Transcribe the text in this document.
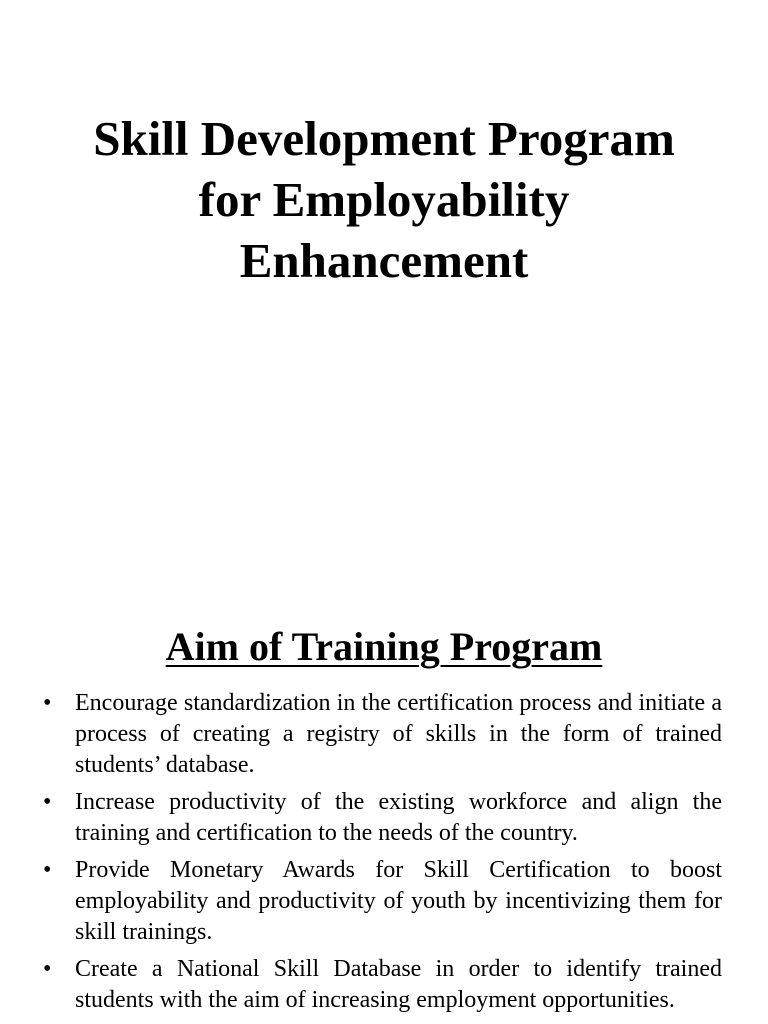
Skill Development Program
for Employability
Enhancement
Aim of Training Program
• Encourage standardization in the certification process and initiate a process of creating a registry of skills in the form of trained students’ database.
• Increase productivity of the existing workforce and align the training and certification to the needs of the country.
• Provide Monetary Awards for Skill Certification to boost employability and productivity of youth by incentivizing them for skill trainings.
• Create a National Skill Database in order to identify trained students with the aim of increasing employment opportunities.
